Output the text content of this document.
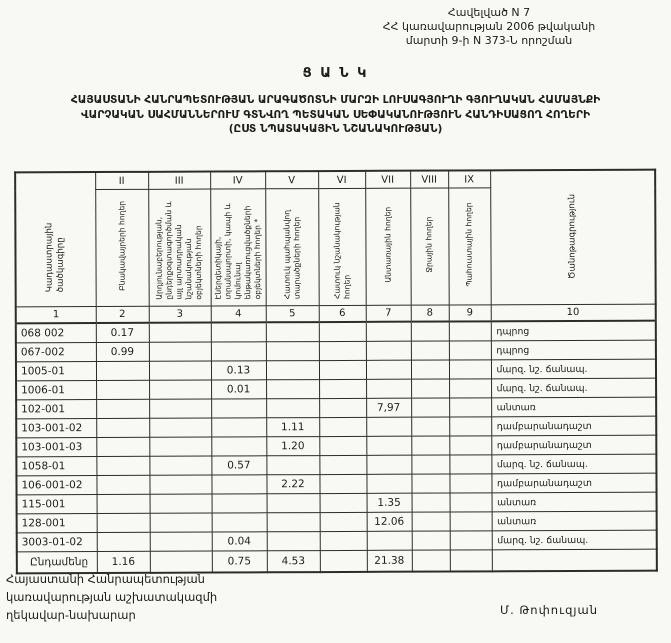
Հավելված N 7
ՀՀ կառավարության 2006 թվականի
մարտի 9-ի N 373-Ն որոշման
Ց Ա Ն Կ
ՀԱՅԱՍՏԱՆԻ ՀԱՆՐԱՊԵՏՈՒԹՅԱՆ ԱՐԱԳԱԾՈՏՆԻ ՄԱՐԶԻ ԼՈՒՍԱԳՅՈՒՂԻ ԳՅՈՒՂԱԿԱՆ ՀԱՄԱՅՆՔԻ
ՎԱՐՉԱԿԱՆ ՍԱՀՄԱՆՆԵՐՈՒՄ ԳՏՆՎՈՂ ՊԵՏԱԿԱՆ ՍԵՓԱԿԱՆՈՒԹՅՈՒՆ ՀԱՆԴԻՍԱՑՈՂ ՀՈՂԵՐԻ
(ԸՍՏ ՆՊԱՏԱԿԱՅԻՆ ՆՇԱՆԱԿՈՒԹՅԱՆ)
Կադաստրային ծածկագիրը	II	III	IV	V	VI	VII	VIII	IX	Ծանոթագրություն
	Բնակավայրերի հողեր	Արդյունաբերության, ընդերքօգտագործման և այլ արտադրական նշանակության օբյեկտների հողեր	Էներգետիկայի, տրանսպորտի, կապի և կոմունալ ենթակառուցվածքների օբյեկտների հողեր *	Հատուկ պահպանվող տարածքների հողեր	Հատուկ նշանակության հողեր	Անտառային հողեր	Ջրային հողեր	Պահուստային հողեր	
1	2	3	4	5	6	7	8	9	10
068 002	0.17								դպրոց
067-002	0.99								դպրոց
1005-01			0.13						մարզ. նշ. ճանապ.
1006-01			0.01						մարզ. նշ. ճանապ.
102-001						7,97			անտառ
103-001-02				1.11					դամբարանադաշտ
103-001-03				1.20					դամբարանադաշտ
1058-01			0.57						մարզ. նշ. ճանապ.
106-001-02				2.22					դամբարանադաշտ
115-001						1.35			անտառ
128-001						12.06			անտառ
3003-01-02			0.04						մարզ. նշ. ճանապ.
Ընդամենը	1.16		0.75	4.53		21.38			
Հայաստանի Հանրապետության
կառավարության աշխատակազմի
ղեկավար-նախարար	Մ. Թոփուզյան
